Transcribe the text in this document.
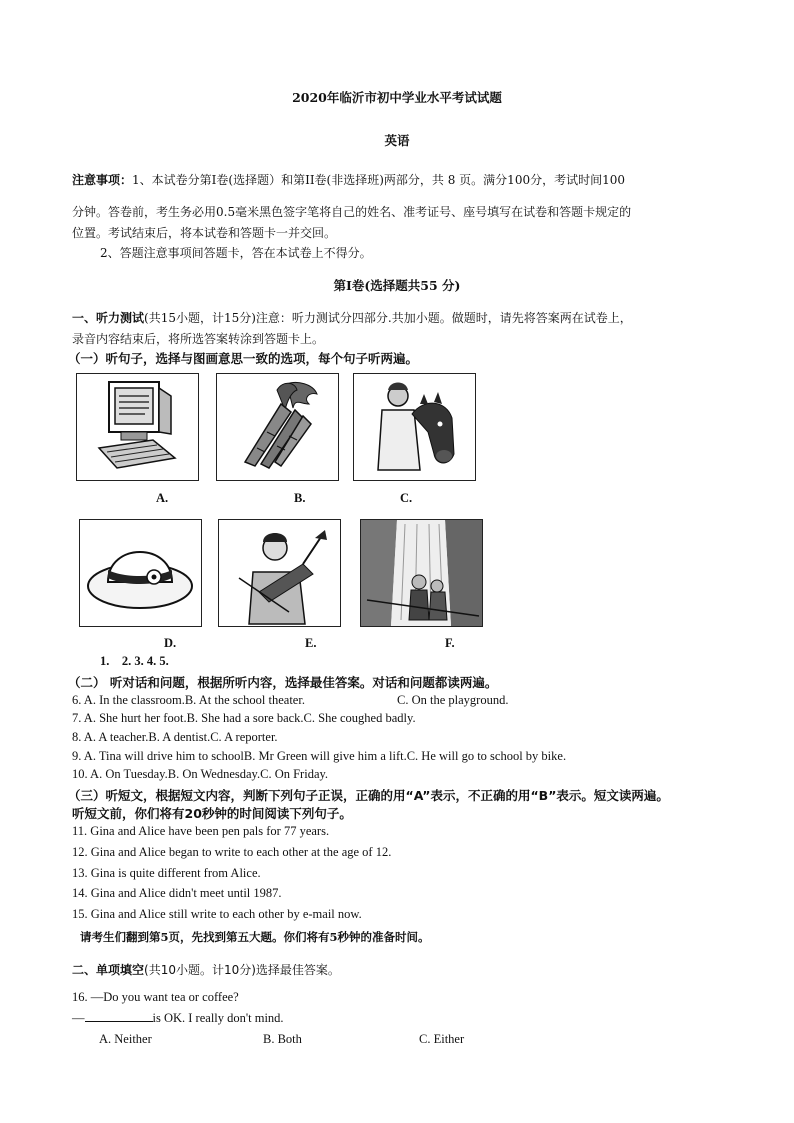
2020年临沂市初中学业水平考试试题
英语
注意事项：1、本试卷分第Ⅰ卷(选择题）和第II卷(非选择班)两部分，共 8 页。满分100分，考试时间100
分钟。答卷前，考生务必用0.5毫米黑色签字笔将自己的姓名、准考证号、座号填写在试卷和答题卡规定的
位置。考试结束后，将本试卷和答题卡一并交回。
2、答题注意事项间答题卡，答在本试卷上不得分。
第Ⅰ卷(选择题共55 分)
一、听力测试(共15小题，计15分)注意：听力测试分四部分.共加小题。做题时，请先将答案两在试卷上，
录音内容结束后，将所选答案转涂到答题卡上。
（一）听句子，选择与图画意思一致的选项，每个句子听两遍。
A.	B.	C.
D.	E.	F.
1.    2. 3. 4. 5.
（二） 听对话和问题，根据所听内容，选择最佳答案。对话和问题都读两遍。
6. A. In the classroom.B. At the school theater.	C. On the playground.
7. A. She hurt her foot.B. She had a sore back.C. She coughed badly.
8. A. A teacher.B. A dentist.C. A reporter.
9. A. Tina will drive him to schoolB. Mr Green will give him a lift.C. He will go to school by bike.
10. A. On Tuesday.B. On Wednesday.C. On Friday.
（三）听短文，根据短文内容，判断下列句子正误，正确的用“A”表示，不正确的用“B”表示。短文读两遍。
听短文前，你们将有20秒钟的时间阅读下列句子。
11. Gina and Alice have been pen pals for 77 years.
12. Gina and Alice began to write to each other at the age of 12.
13. Gina is quite different from Alice.
14. Gina and Alice didn't meet until 1987.
15. Gina and Alice still write to each other by e-mail now.
请考生们翻到第5页，先找到第五大题。你们将有5秒钟的准备时间。
二、单项填空(共10小题。计10分)选择最佳答案。
16. —Do you want tea or coffee?
—	is OK. I really don't mind.
A. Neither	B. Both	C. Either
